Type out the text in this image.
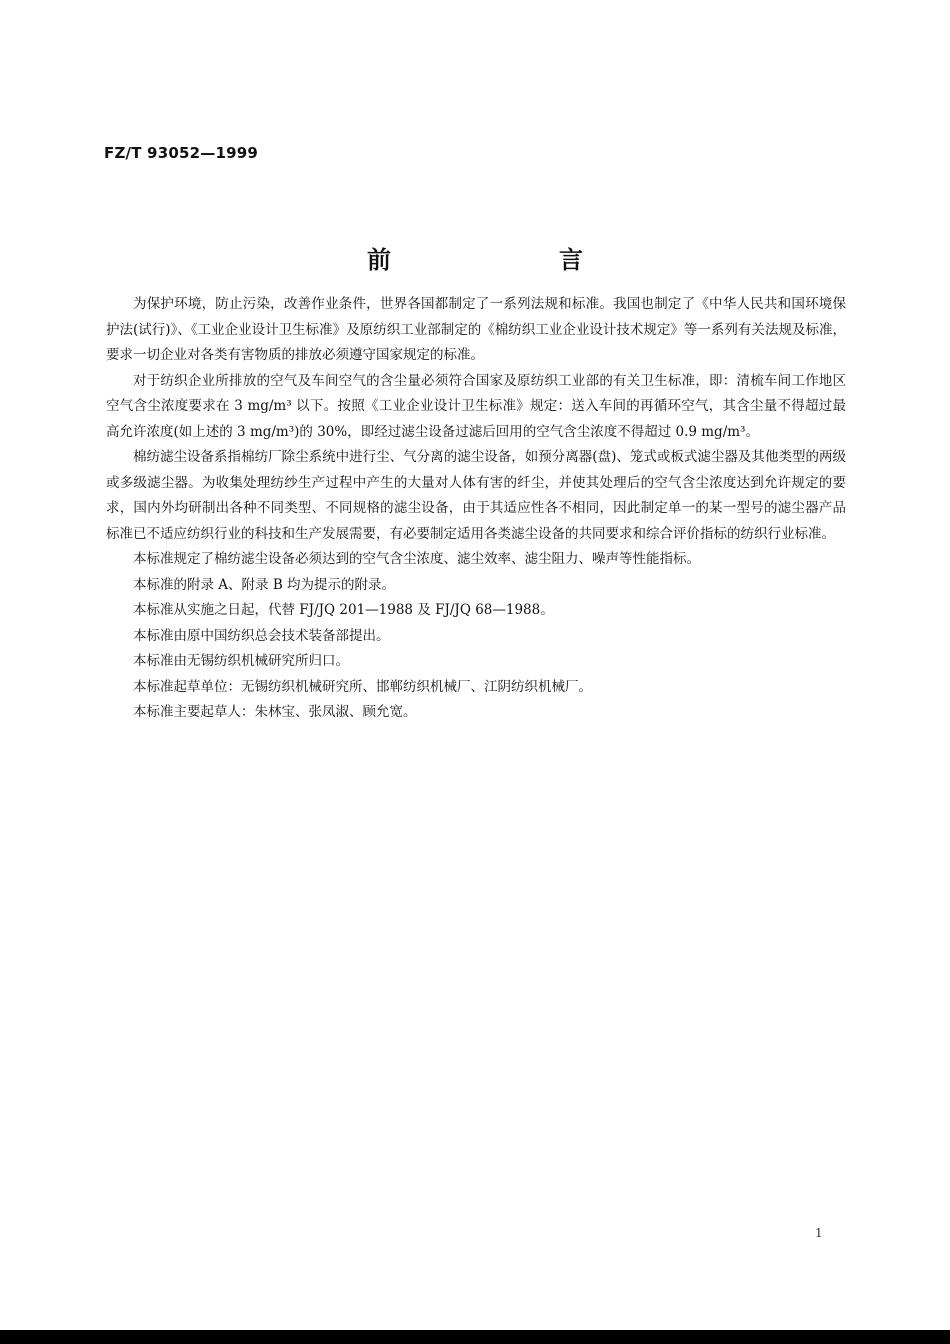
FZ/T 93052—1999
前　言

为保护环境，防止污染，改善作业条件，世界各国都制定了一系列法规和标准。我国也制定了《中华人民共和国环境保护法(试行)》、《工业企业设计卫生标准》及原纺织工业部制定的《棉纺织工业企业设计技术规定》等一系列有关法规及标准，要求一切企业对各类有害物质的排放必须遵守国家规定的标准。

对于纺织企业所排放的空气及车间空气的含尘量必须符合国家及原纺织工业部的有关卫生标准，即：清梳车间工作地区空气含尘浓度要求在 3 mg/m³ 以下。按照《工业企业设计卫生标准》规定：送入车间的再循环空气，其含尘量不得超过最高允许浓度(如上述的 3 mg/m³)的 30%，即经过滤尘设备过滤后回用的空气含尘浓度不得超过 0.9 mg/m³。

棉纺滤尘设备系指棉纺厂除尘系统中进行尘、气分离的滤尘设备，如预分离器(盘)、笼式或板式滤尘器及其他类型的两级或多级滤尘器。为收集处理纺纱生产过程中产生的大量对人体有害的纤尘，并使其处理后的空气含尘浓度达到允许规定的要求，国内外均研制出各种不同类型、不同规格的滤尘设备，由于其适应性各不相同，因此制定单一的某一型号的滤尘器产品标准已不适应纺织行业的科技和生产发展需要，有必要制定适用各类滤尘设备的共同要求和综合评价指标的纺织行业标准。

本标准规定了棉纺滤尘设备必须达到的空气含尘浓度、滤尘效率、滤尘阻力、噪声等性能指标。

本标准的附录 A、附录 B 均为提示的附录。

本标准从实施之日起，代替 FJ/JQ 201—1988 及 FJ/JQ 68—1988。

本标准由原中国纺织总会技术装备部提出。

本标准由无锡纺织机械研究所归口。

本标准起草单位：无锡纺织机械研究所、邯郸纺织机械厂、江阴纺织机械厂。

本标准主要起草人：朱林宝、张凤淑、顾允宽。

1
